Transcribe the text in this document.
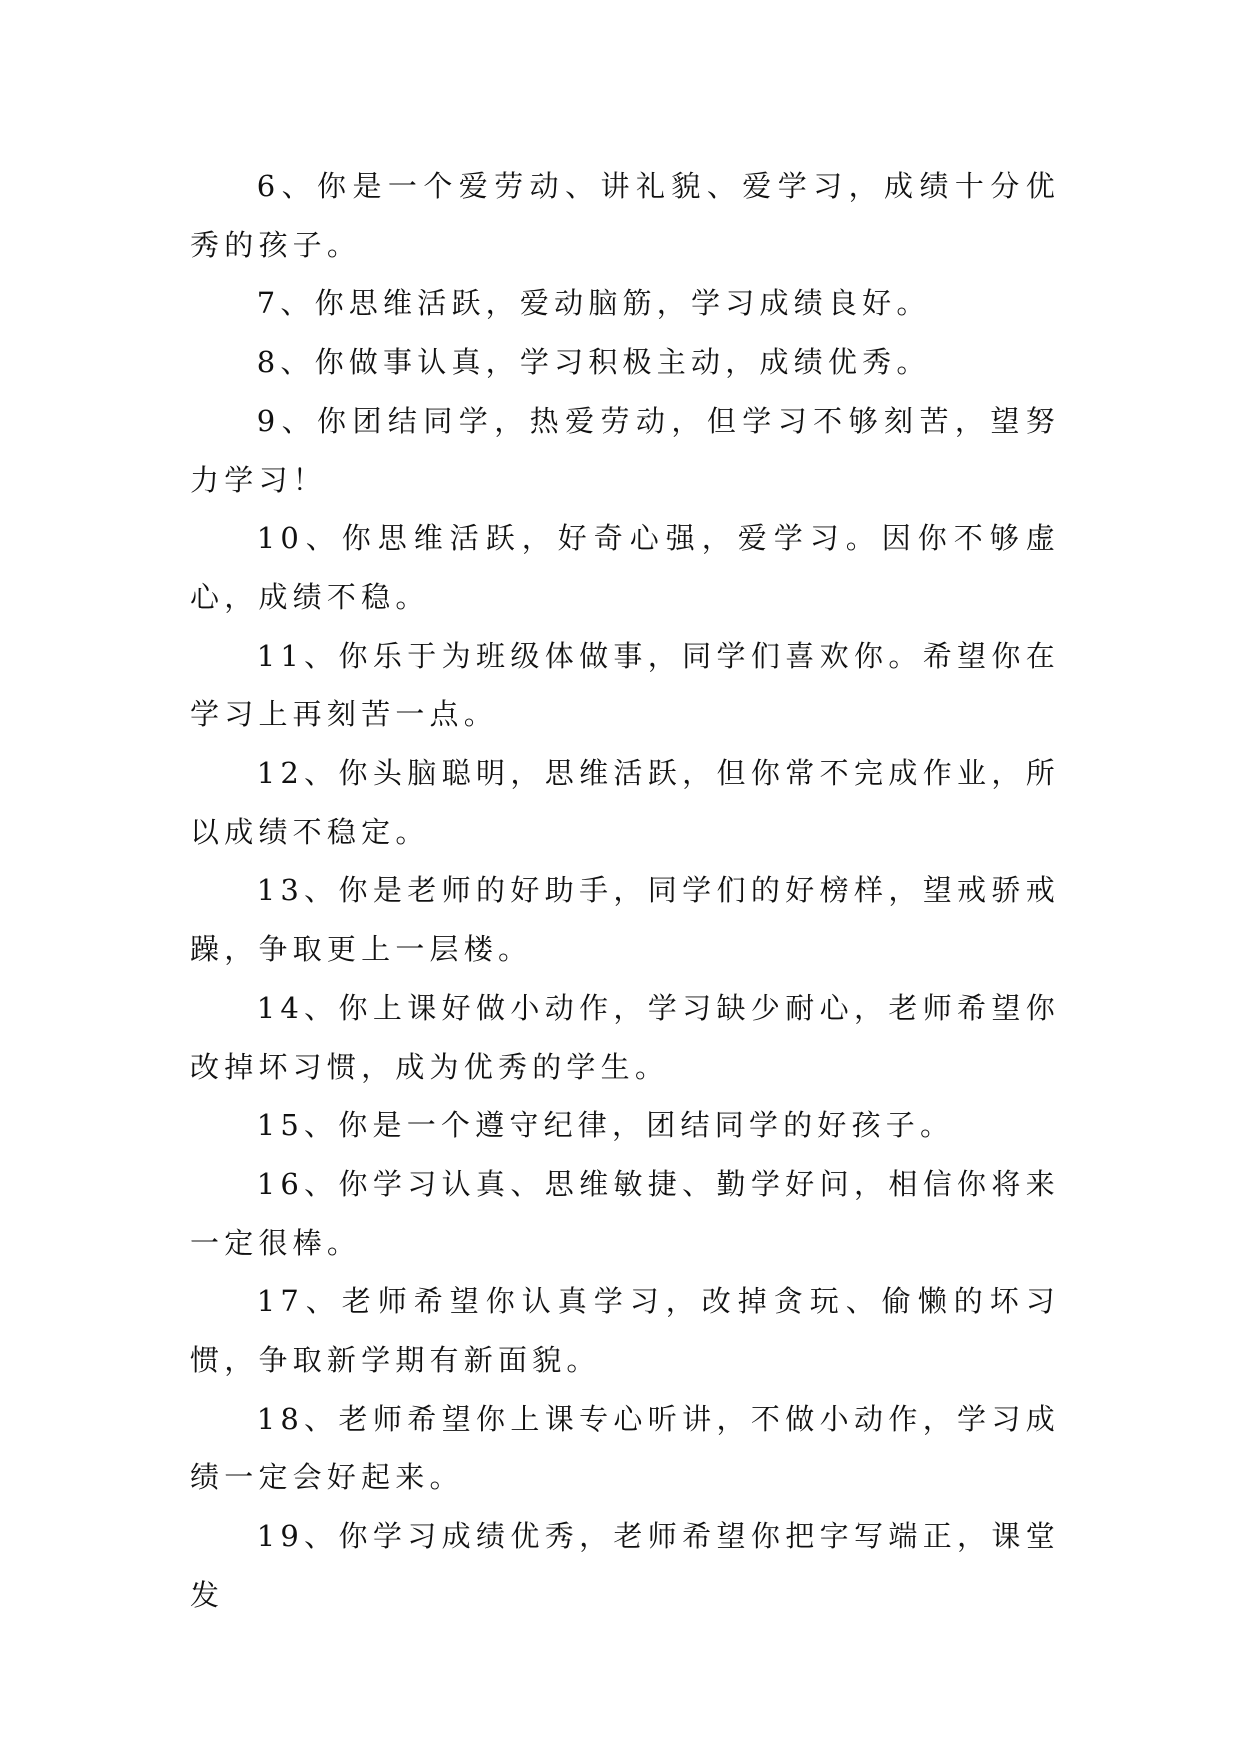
6、你是一个爱劳动、讲礼貌、爱学习，成绩十分优秀的孩子。

7、你思维活跃，爱动脑筋，学习成绩良好。

8、你做事认真，学习积极主动，成绩优秀。

9、你团结同学，热爱劳动，但学习不够刻苦，望努力学习！

10、你思维活跃，好奇心强，爱学习。因你不够虚心，成绩不稳。

11、你乐于为班级体做事，同学们喜欢你。希望你在学习上再刻苦一点。

12、你头脑聪明，思维活跃，但你常不完成作业，所以成绩不稳定。

13、你是老师的好助手，同学们的好榜样，望戒骄戒躁，争取更上一层楼。

14、你上课好做小动作，学习缺少耐心，老师希望你改掉坏习惯，成为优秀的学生。

15、你是一个遵守纪律，团结同学的好孩子。

16、你学习认真、思维敏捷、勤学好问，相信你将来一定很棒。

17、老师希望你认真学习，改掉贪玩、偷懒的坏习惯，争取新学期有新面貌。

18、老师希望你上课专心听讲，不做小动作，学习成绩一定会好起来。

19、你学习成绩优秀，老师希望你把字写端正，课堂发
